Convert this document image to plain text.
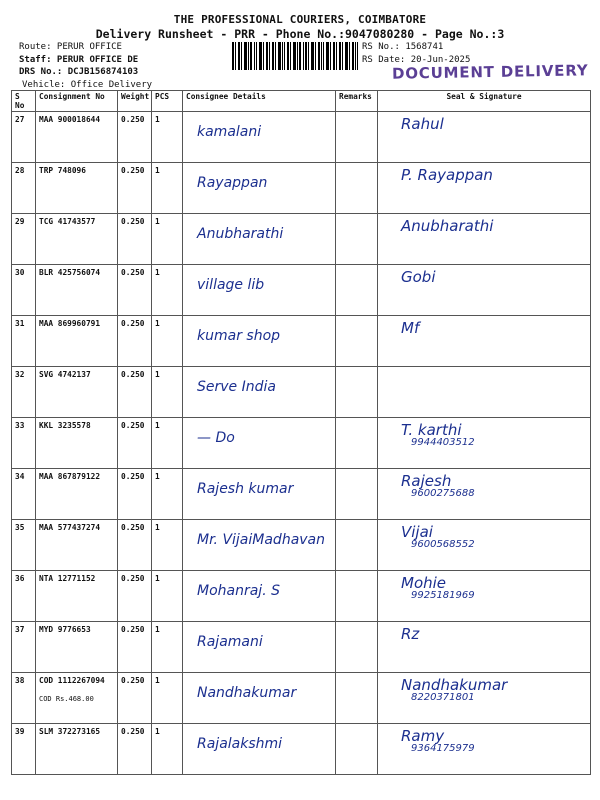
THE PROFESSIONAL COURIERS, COIMBATORE
Delivery Runsheet - PRR - Phone No.:9047080280 - Page No.:3
Route: PERUR OFFICE
Staff: PERUR OFFICE DE
DRS No.: DCJB156874103
Vehicle: Office Delivery
RS No.: 1568741
RS Date: 20-Jun-2025
DOCUMENT DELIVERY
S No	Consignment No	Weight	PCS	Consignee Details	Remarks	Seal & Signature
27	MAA 900018644	0.250	1	kamalani		Rahul

28	TRP 748096	0.250	1	Rayappan		P. Rayappan

29	TCG 41743577	0.250	1	Anubharathi		Anubharathi

30	BLR 425756074	0.250	1	village lib		Gobi

31	MAA 869960791	0.250	1	kumar shop		Mf

32	SVG 4742137	0.250	1	Serve India		

33	KKL 3235578	0.250	1	— Do		T. karthi
9944403512

34	MAA 867879122	0.250	1	Rajesh kumar		Rajesh
9600275688

35	MAA 577437274	0.250	1	Mr. VijaiMadhavan		Vijai
9600568552

36	NTA 12771152	0.250	1	Mohanraj. S		Mohie
9925181969

37	MYD 9776653	0.250	1	Rajamani		Rz

38	COD 1112267094
COD Rs.468.00	0.250	1	Nandhakumar		Nandhakumar
8220371801

39	SLM 372273165	0.250	1	Rajalakshmi		Ramy
9364175979
